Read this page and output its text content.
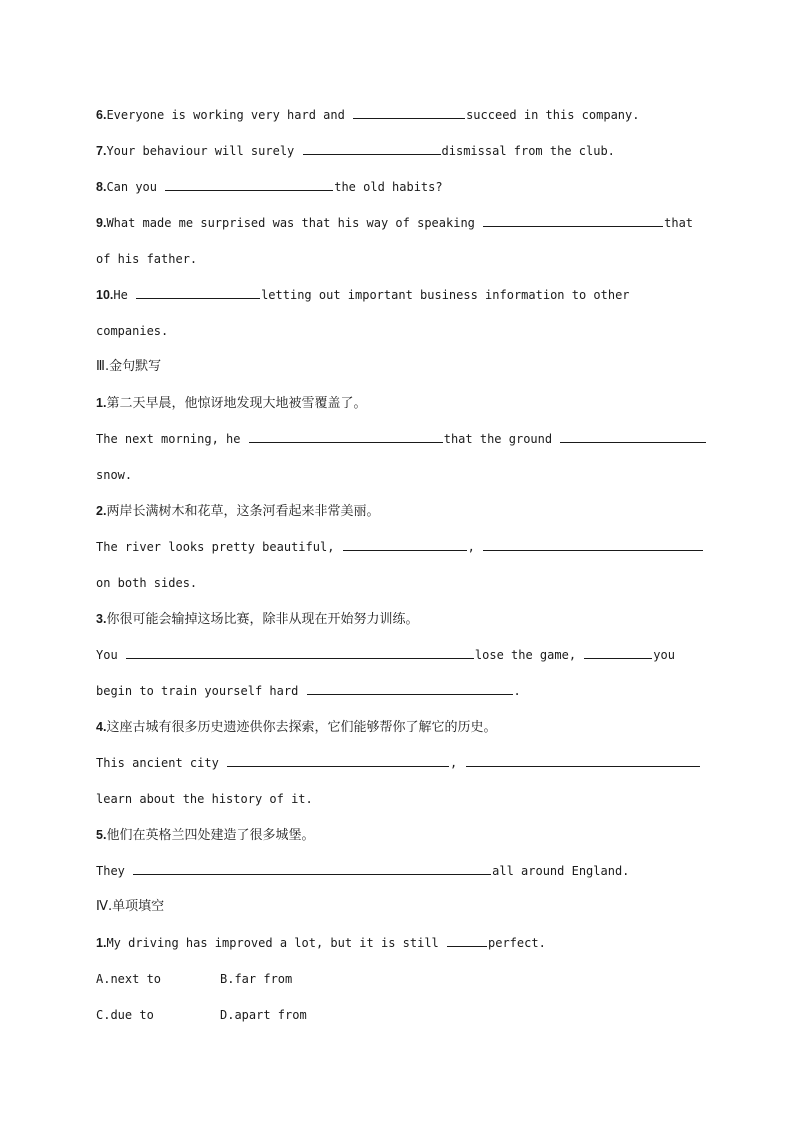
6.Everyone is working very hard and	succeed in this company.
7.Your behaviour will surely	dismissal from the club.
8.Can you	the old habits?
9.What made me surprised was that his way of speaking	that
of his father.
10.He	letting out important business information to other
companies.
Ⅲ.金句默写
1.第二天早晨，他惊讶地发现大地被雪覆盖了。
The next morning, he	that the ground
snow.
2.两岸长满树木和花草，这条河看起来非常美丽。
The river looks pretty beautiful,	,
on both sides.
3.你很可能会输掉这场比赛，除非从现在开始努力训练。
You	lose the game,	you
begin to train yourself hard	.
4.这座古城有很多历史遗迹供你去探索，它们能够帮你了解它的历史。
This ancient city	,
learn about the history of it.
5.他们在英格兰四处建造了很多城堡。
They	all around England.
Ⅳ.单项填空
1.My driving has improved a lot, but it is still	perfect.
A.next to	B.far from
C.due to	D.apart from
